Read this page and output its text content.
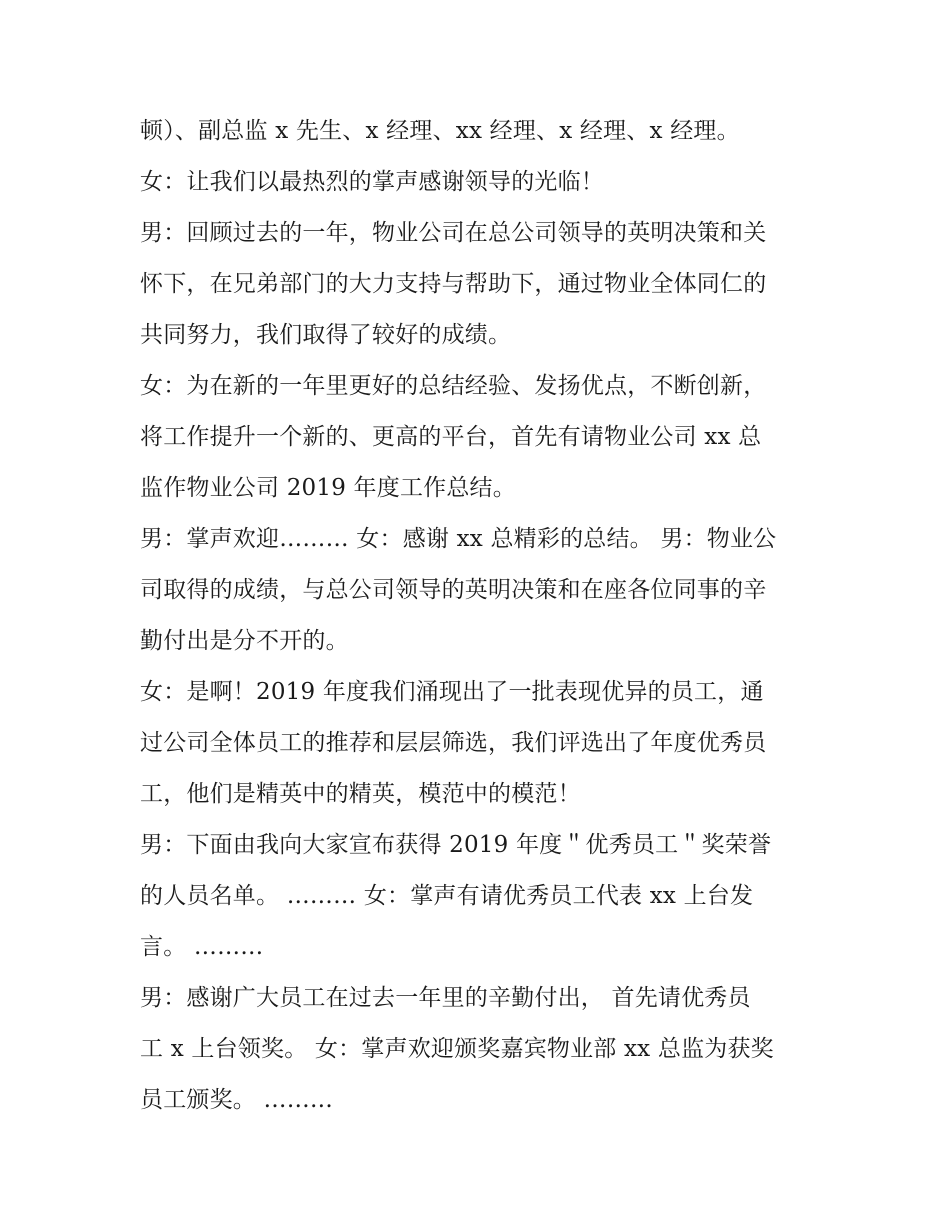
顿）、副总监 x 先生、x 经理、xx 经理、x 经理、x 经理。
女：让我们以最热烈的掌声感谢领导的光临！
男：回顾过去的一年，物业公司在总公司领导的英明决策和关
怀下，在兄弟部门的大力支持与帮助下，通过物业全体同仁的
共同努力，我们取得了较好的成绩。
女：为在新的一年里更好的总结经验、发扬优点，不断创新，
将工作提升一个新的、更高的平台，首先有请物业公司 xx 总
监作物业公司 2019 年度工作总结。
男：掌声欢迎……… 女：感谢 xx 总精彩的总结。 男：物业公
司取得的成绩，与总公司领导的英明决策和在座各位同事的辛
勤付出是分不开的。
女：是啊！2019 年度我们涌现出了一批表现优异的员工，通
过公司全体员工的推荐和层层筛选，我们评选出了年度优秀员
工，他们是精英中的精英，模范中的模范！
男：下面由我向大家宣布获得 2019 年度＂优秀员工＂奖荣誉
的人员名单。 ……… 女：掌声有请优秀员工代表 xx 上台发
言。 ………
男：感谢广大员工在过去一年里的辛勤付出， 首先请优秀员
工 x 上台领奖。 女：掌声欢迎颁奖嘉宾物业部 xx 总监为获奖
员工颁奖。 ………
